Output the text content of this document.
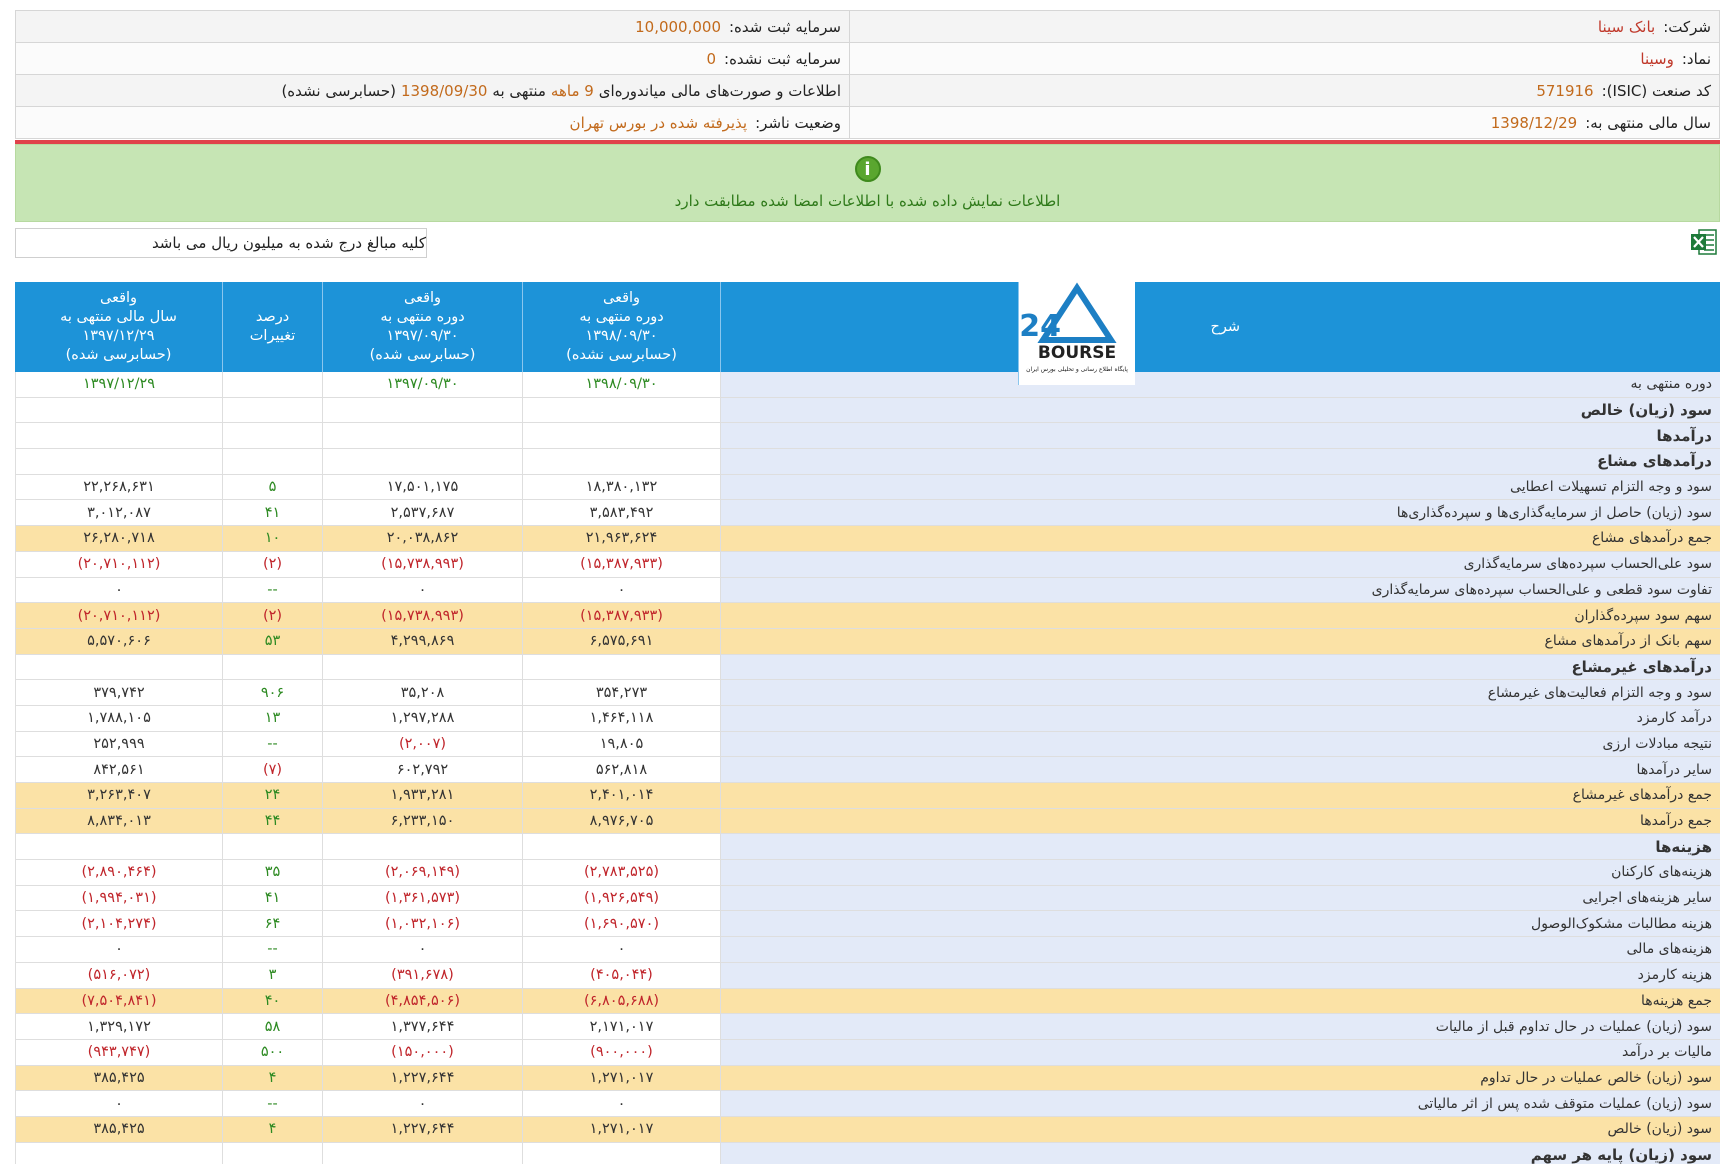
شرکت:
بانک سینا
سرمایه ثبت شده:
10,000,000
نماد:
وسینا
سرمایه ثبت نشده:
0
کد صنعت (ISIC):
571916
اطلاعات و صورت‌های مالی میاندوره‌ای
9 ماهه
منتهی به
1398/09/30
(حسابرسی نشده)
سال مالی منتهی به:
1398/12/29
وضعیت ناشر:
پذیرفته شده در بورس تهران
i
اطلاعات نمایش داده شده با اطلاعات امضا شده مطابقت دارد
کلیه مبالغ درج شده به میلیون ریال می باشد
شرح
واقعی
دوره منتهی به
۱۳۹۸/۰۹/۳۰
(حسابرسی نشده)
واقعی
دوره منتهی به
۱۳۹۷/۰۹/۳۰
(حسابرسی شده)
درصد
تغییرات
واقعی
سال مالی منتهی به
۱۳۹۷/۱۲/۲۹
(حسابرسی شده)
24
BOURSE
پایگاه اطلاع رسانی و تحلیلی بورس ایران
دوره منتهی به
۱۳۹۸/۰۹/۳۰
۱۳۹۷/۰۹/۳۰
۱۳۹۷/۱۲/۲۹
سود (زیان) خالص
درآمدها
درآمدهای مشاع
سود و وجه التزام تسهیلات اعطایی
۱۸,۳۸۰,۱۳۲
۱۷,۵۰۱,۱۷۵
۵
۲۲,۲۶۸,۶۳۱
سود (زیان) حاصل از سرمایه‌گذاری‌ها و سپرده‌گذاری‌ها
۳,۵۸۳,۴۹۲
۲,۵۳۷,۶۸۷
۴۱
۳,۰۱۲,۰۸۷
جمع درآمدهای مشاع
۲۱,۹۶۳,۶۲۴
۲۰,۰۳۸,۸۶۲
۱۰
۲۶,۲۸۰,۷۱۸
سود علی‌الحساب سپرده‌های سرمایه‌گذاری
(۱۵,۳۸۷,۹۳۳)
(۱۵,۷۳۸,۹۹۳)
(۲)
(۲۰,۷۱۰,۱۱۲)
تفاوت سود قطعی و علی‌الحساب سپرده‌های سرمایه‌گذاری
۰
۰
--
۰
سهم سود سپرده‌گذاران
(۱۵,۳۸۷,۹۳۳)
(۱۵,۷۳۸,۹۹۳)
(۲)
(۲۰,۷۱۰,۱۱۲)
سهم بانک از درآمدهای مشاع
۶,۵۷۵,۶۹۱
۴,۲۹۹,۸۶۹
۵۳
۵,۵۷۰,۶۰۶
درآمدهای غیرمشاع
سود و وجه التزام فعالیت‌های غیرمشاع
۳۵۴,۲۷۳
۳۵,۲۰۸
۹۰۶
۳۷۹,۷۴۲
درآمد کارمزد
۱,۴۶۴,۱۱۸
۱,۲۹۷,۲۸۸
۱۳
۱,۷۸۸,۱۰۵
نتیجه مبادلات ارزی
۱۹,۸۰۵
(۲,۰۰۷)
--
۲۵۲,۹۹۹
سایر درآمدها
۵۶۲,۸۱۸
۶۰۲,۷۹۲
(۷)
۸۴۲,۵۶۱
جمع درآمدهای غیرمشاع
۲,۴۰۱,۰۱۴
۱,۹۳۳,۲۸۱
۲۴
۳,۲۶۳,۴۰۷
جمع درآمدها
۸,۹۷۶,۷۰۵
۶,۲۳۳,۱۵۰
۴۴
۸,۸۳۴,۰۱۳
هزینه‌ها
هزینه‌های کارکنان
(۲,۷۸۳,۵۲۵)
(۲,۰۶۹,۱۴۹)
۳۵
(۲,۸۹۰,۴۶۴)
سایر هزینه‌های اجرایی
(۱,۹۲۶,۵۴۹)
(۱,۳۶۱,۵۷۳)
۴۱
(۱,۹۹۴,۰۳۱)
هزینه مطالبات مشکوک‌الوصول
(۱,۶۹۰,۵۷۰)
(۱,۰۳۲,۱۰۶)
۶۴
(۲,۱۰۴,۲۷۴)
هزینه‌های مالی
۰
۰
--
۰
هزینه کارمزد
(۴۰۵,۰۴۴)
(۳۹۱,۶۷۸)
۳
(۵۱۶,۰۷۲)
جمع هزینه‌ها
(۶,۸۰۵,۶۸۸)
(۴,۸۵۴,۵۰۶)
۴۰
(۷,۵۰۴,۸۴۱)
سود (زیان) عملیات در حال تداوم قبل از مالیات
۲,۱۷۱,۰۱۷
۱,۳۷۷,۶۴۴
۵۸
۱,۳۲۹,۱۷۲
مالیات بر درآمد
(۹۰۰,۰۰۰)
(۱۵۰,۰۰۰)
۵۰۰
(۹۴۳,۷۴۷)
سود (زیان) خالص عملیات در حال تداوم
۱,۲۷۱,۰۱۷
۱,۲۲۷,۶۴۴
۴
۳۸۵,۴۲۵
سود (زیان) عملیات متوقف شده پس از اثر مالیاتی
۰
۰
--
۰
سود (زیان) خالص
۱,۲۷۱,۰۱۷
۱,۲۲۷,۶۴۴
۴
۳۸۵,۴۲۵
سود (زیان) پایه هر سهم
